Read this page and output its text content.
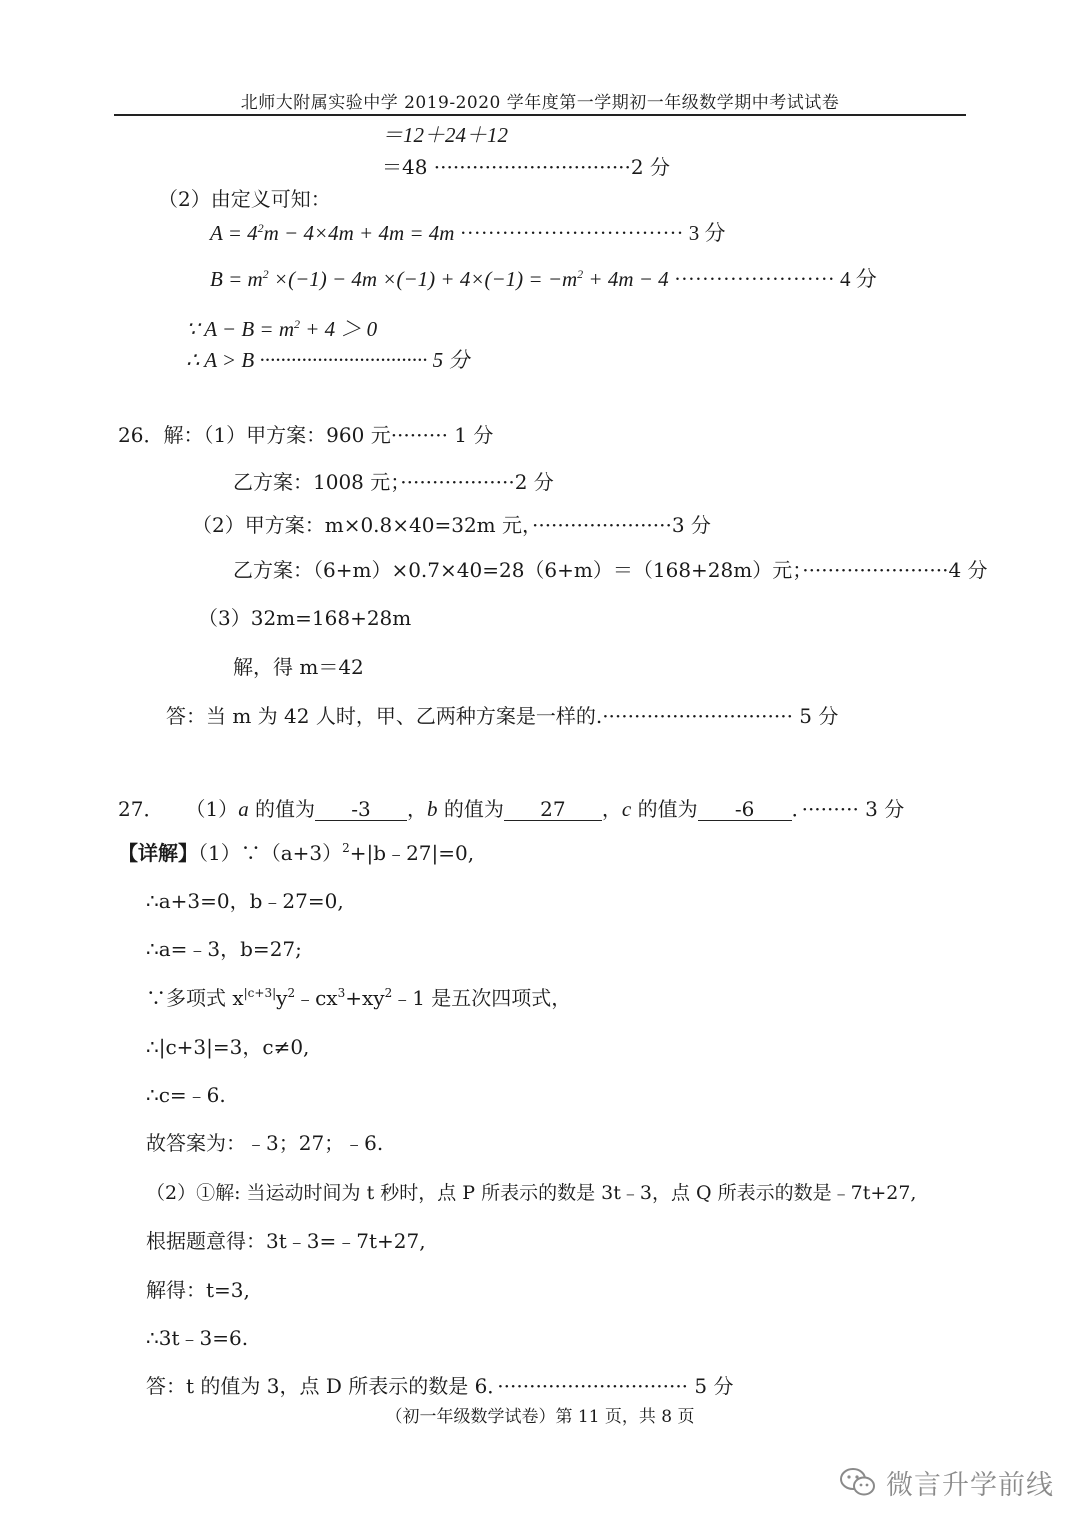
北师大附属实验中学 2019-2020 学年度第一学期初一年级数学期中考试试卷
＝12＋24＋12
＝48 ·······························2 分
（2）由定义可知：
$A = 4^2m - 4\times 4m + 4m = 4m$ ································ 3 分
$B = m^2 \times(-1) - 4m \times(-1) + 4\times(-1) = -m^2 + 4m - 4$ ······················· 4 分
∵ $A - B = m^2 + 4 > 0$
∴ A > B ································ 5 分
26．解：（1）甲方案：960 元········· 1 分
乙方案：1008 元；··················2 分
（2）甲方案：m×0.8×40=32m 元，······················3 分
乙方案：（6+m）×0.7×40=28（6+m）＝（168+28m）元；·······················4 分
（3）32m=168+28m
解，得 m＝42
答：当 m 为 42 人时，甲、乙两种方案是一样的.······························ 5 分
27． （1）a 的值为 -3 ，b 的值为 27 ，c 的值为 -6 ．········· 3 分
【详解】$(1)\because(a+3)^2+|b﹣27|=0$,
∴a+3=0，b﹣27=0,
∴a=﹣3，b=27;
∵多项式 $x^{|c+3|}y^2﹣cx^3+xy^2﹣1$ 是五次四项式，
∴|c+3|=3，c≠0,
∴c=﹣6.
故答案为：﹣3；27；﹣6.
（2）①解: 当运动时间为 t 秒时，点 P 所表示的数是 3t﹣3，点 Q 所表示的数是﹣7t+27,
根据题意得：3t﹣3=﹣7t+27,
解得：t=3,
∴3t﹣3=6.
答：t 的值为 3，点 D 所表示的数是 6．······························ 5 分
（初一年级数学试卷）第 11 页，共 8 页
微言升学前线
